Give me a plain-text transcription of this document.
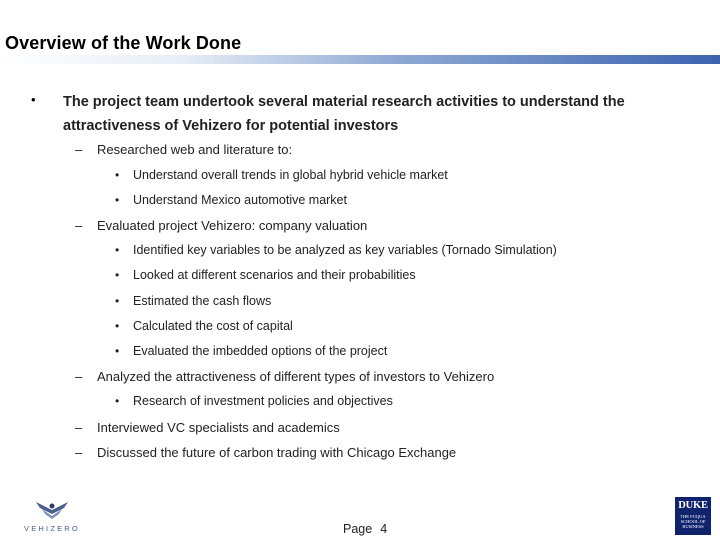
Overview of the Work Done
• The project team undertook several material research activities to understand the attractiveness of Vehizero for potential investors
– Researched web and literature to:
• Understand overall trends in global hybrid vehicle market
• Understand Mexico automotive market
– Evaluated project Vehizero: company valuation
• Identified key variables to be analyzed as key variables (Tornado Simulation)
• Looked at different scenarios and their probabilities
• Estimated the cash flows
• Calculated the cost of capital
• Evaluated the imbedded options of the project
– Analyzed the attractiveness of different types of investors to Vehizero
• Research of investment policies and objectives
– Interviewed VC specialists and academics
– Discussed the future of carbon trading with Chicago Exchange
VEHIZERO	Page 4
DUKE
THE FUQUA SCHOOL OF BUSINESS
